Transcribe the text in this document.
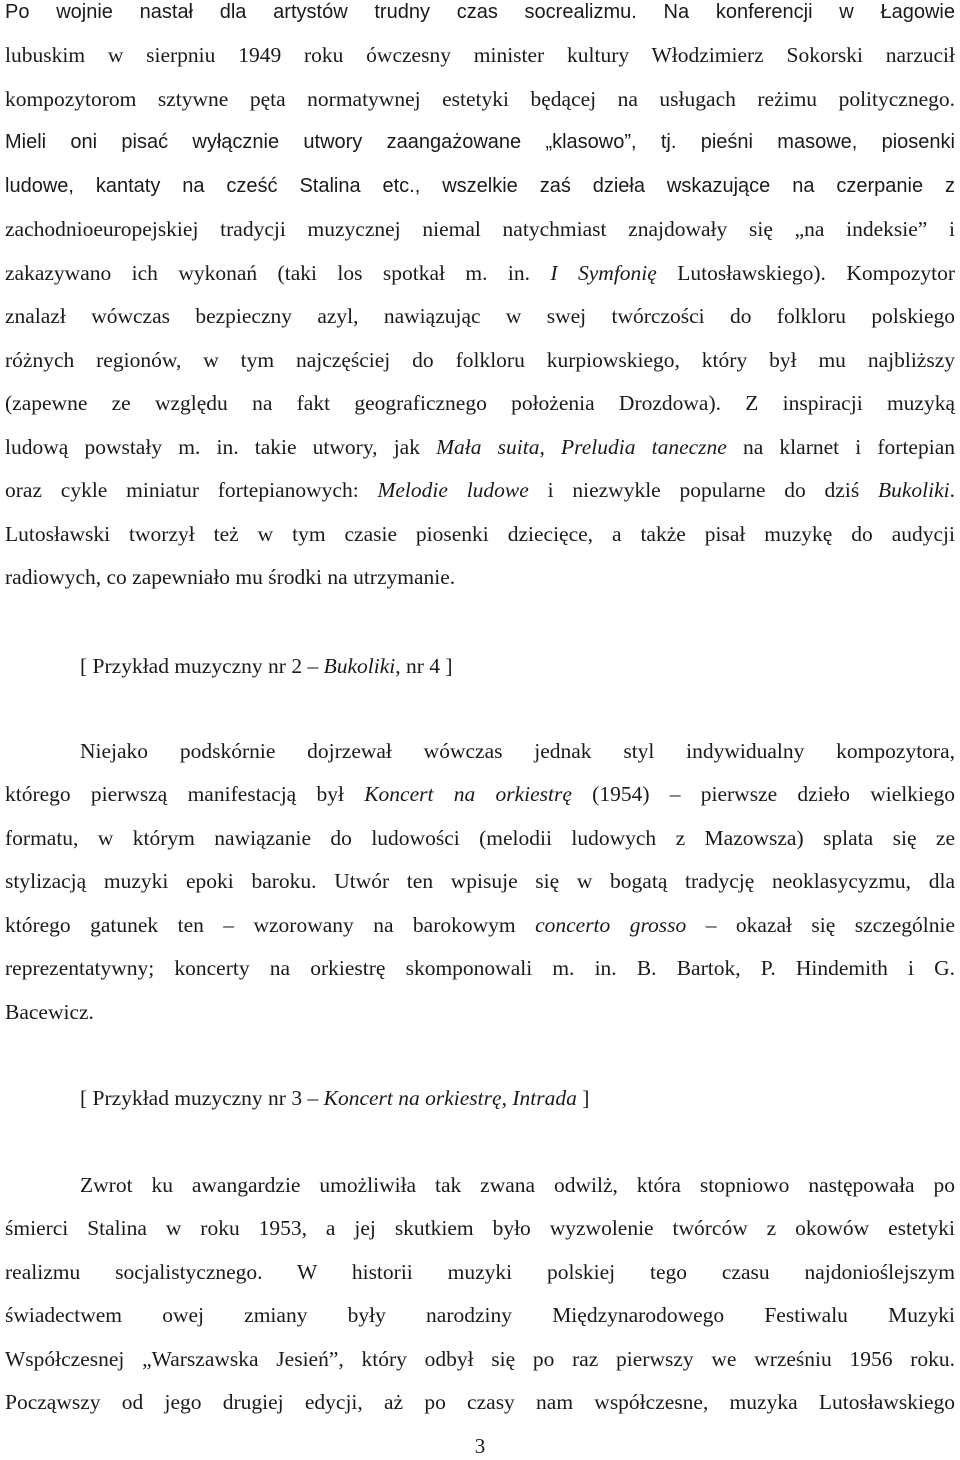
Po wojnie nastał dla artystów trudny czas socrealizmu. Na konferencji w Łagowie
lubuskim w sierpniu 1949 roku ówczesny minister kultury Włodzimierz Sokorski narzucił
kompozytorom sztywne pęta normatywnej estetyki będącej na usługach reżimu politycznego.
Mieli oni pisać wyłącznie utwory zaangażowane „klasowo”, tj. pieśni masowe, piosenki
ludowe, kantaty na cześć Stalina etc., wszelkie zaś dzieła wskazujące na czerpanie z
zachodnioeuropejskiej tradycji muzycznej niemal natychmiast znajdowały się „na indeksie” i
zakazywano ich wykonań (taki los spotkał m. in. I Symfonię Lutosławskiego). Kompozytor
znalazł wówczas bezpieczny azyl, nawiązując w swej twórczości do folkloru polskiego
różnych regionów, w tym najczęściej do folkloru kurpiowskiego, który był mu najbliższy
(zapewne ze względu na fakt geograficznego położenia Drozdowa). Z inspiracji muzyką
ludową powstały m. in. takie utwory, jak Mała suita, Preludia taneczne na klarnet i fortepian
oraz cykle miniatur fortepianowych: Melodie ludowe i niezwykle popularne do dziś Bukoliki.
Lutosławski tworzył też w tym czasie piosenki dziecięce, a także pisał muzykę do audycji
radiowych, co zapewniało mu środki na utrzymanie.
[ Przykład muzyczny nr 2 – Bukoliki, nr 4 ]
Niejako podskórnie dojrzewał wówczas jednak styl indywidualny kompozytora,
którego pierwszą manifestacją był Koncert na orkiestrę (1954) – pierwsze dzieło wielkiego
formatu, w którym nawiązanie do ludowości (melodii ludowych z Mazowsza) splata się ze
stylizacją muzyki epoki baroku. Utwór ten wpisuje się w bogatą tradycję neoklasycyzmu, dla
którego gatunek ten – wzorowany na barokowym concerto grosso – okazał się szczególnie
reprezentatywny; koncerty na orkiestrę skomponowali m. in. B. Bartok, P. Hindemith i G.
Bacewicz.
[ Przykład muzyczny nr 3 – Koncert na orkiestrę, Intrada ]
Zwrot ku awangardzie umożliwiła tak zwana odwilż, która stopniowo następowała po
śmierci Stalina w roku 1953, a jej skutkiem było wyzwolenie twórców z okowów estetyki
realizmu socjalistycznego. W historii muzyki polskiej tego czasu najdonioślejszym
świadectwem owej zmiany były narodziny Międzynarodowego Festiwalu Muzyki
Współczesnej „Warszawska Jesień”, który odbył się po raz pierwszy we wrześniu 1956 roku.
Począwszy od jego drugiej edycji, aż po czasy nam współczesne, muzyka Lutosławskiego
3
